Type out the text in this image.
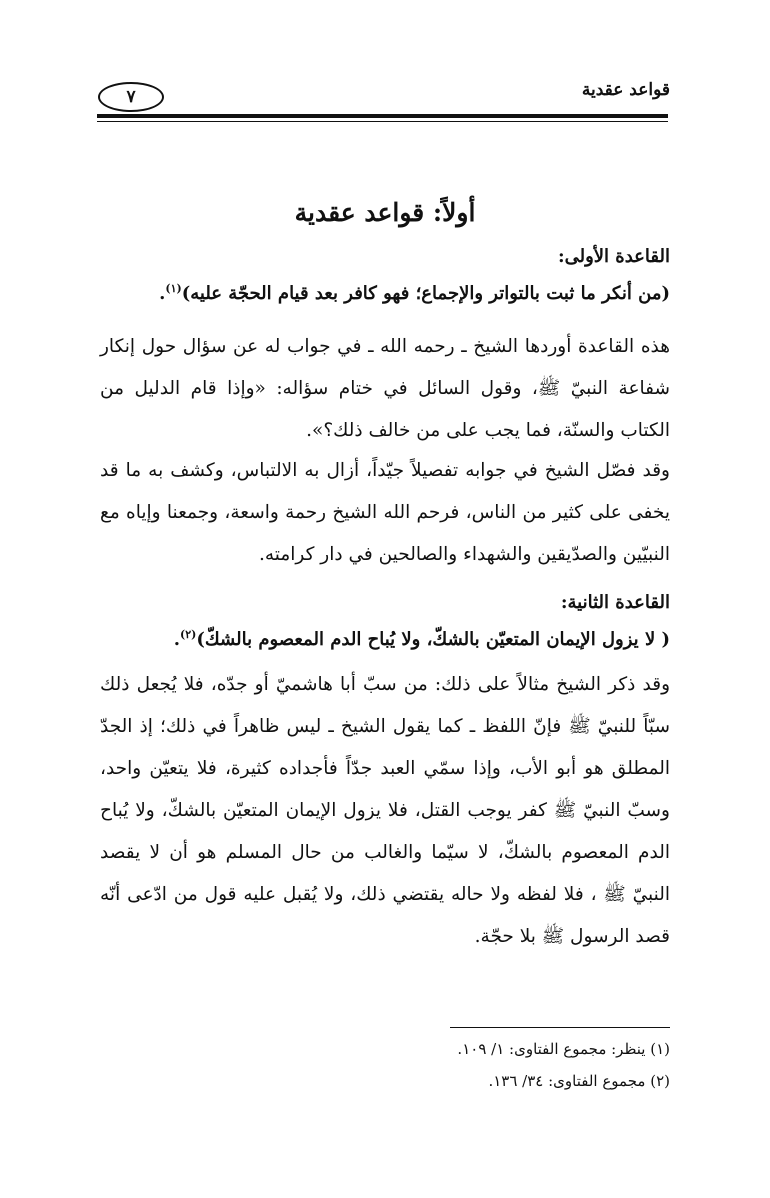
قواعد عقدية
٧
أولاً: قواعد عقدية
القاعدة الأولى:
(من أنكر ما ثبت بالتواتر والإجماع؛ فهو كافر بعد قيام الحجّة عليه)$^{(١)}$.
هذه القاعدة أوردها الشيخ ـ رحمه الله ـ في جواب له عن سؤال حول إنكار شفاعة النبيّ ﷺ، وقول السائل في ختام سؤاله: «وإذا قام الدليل من الكتاب والسنّة، فما يجب على من خالف ذلك؟».
وقد فصّل الشيخ في جوابه تفصيلاً جيّداً، أزال به الالتباس، وكشف به ما قد يخفى على كثير من الناس، فرحم الله الشيخ رحمة واسعة، وجمعنا وإياه مع النبيّين والصدّيقين والشهداء والصالحين في دار كرامته.
القاعدة الثانية:
( لا يزول الإيمان المتعيّن بالشكّ، ولا يُباح الدم المعصوم بالشكّ)$^{(٢)}$.
وقد ذكر الشيخ مثالاً على ذلك: من سبّ أبا هاشميّ أو جدّه، فلا يُجعل ذلك سبّاً للنبيّ ﷺ فإنّ اللفظ ـ كما يقول الشيخ ـ ليس ظاهراً في ذلك؛ إذ الجدّ المطلق هو أبو الأب، وإذا سمّي العبد جدّاً فأجداده كثيرة، فلا يتعيّن واحد، وسبّ النبيّ ﷺ كفر يوجب القتل، فلا يزول الإيمان المتعيّن بالشكّ، ولا يُباح الدم المعصوم بالشكّ، لا سيّما والغالب من حال المسلم هو أن لا يقصد النبيّ ﷺ ، فلا لفظه ولا حاله يقتضي ذلك، ولا يُقبل عليه قول من ادّعى أنّه قصد الرسول ﷺ بلا حجّة.
(١) ينظر: مجموع الفتاوى: ١/ ١٠٩.
(٢) مجموع الفتاوى: ٣٤/ ١٣٦.
